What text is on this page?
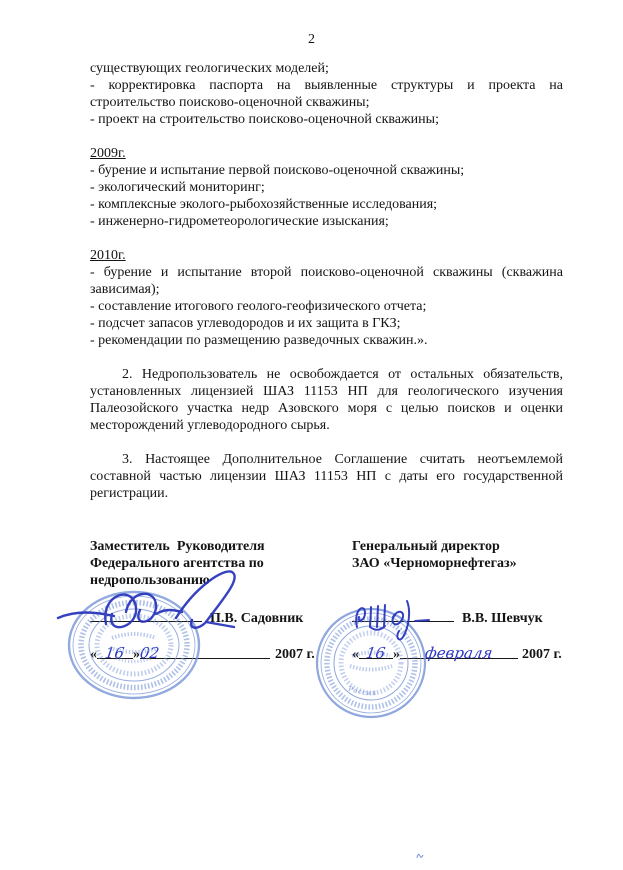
2
существующих геологических моделей;
- корректировка паспорта на выявленные структуры и проекта на
строительство поисково-оценочной скважины;
- проект на строительство поисково-оценочной скважины;
2009г.
- бурение и испытание первой поисково-оценочной скважины;
- экологический мониторинг;
- комплексные эколого-рыбохозяйственные исследования;
- инженерно-гидрометеорологические изыскания;
2010г.
- бурение и испытание второй поисково-оценочной скважины (скважина
зависимая);
- составление итогового геолого-геофизического отчета;
- подсчет запасов углеводородов и их защита в ГКЗ;
- рекомендации по размещению разведочных скважин.».
2. Недропользователь не освобождается от остальных обязательств,
установленных лицензией ШАЗ 11153 НП для геологического изучения
Палеозойского участка недр Азовского моря с целью поисков и оценки
месторождений углеводородного сырья.
3. Настоящее Дополнительное Соглашение считать неотъемлемой
составной частью лицензии ШАЗ 11153 НП с даты его государственной
регистрации.
Заместитель  Руководителя
Федерального агентства по
недропользованию
Генеральный директор
ЗАО «Черноморнефтегаз»
П.В. Садовник	В.В. Шевчук
« 16 »02	2007 г.	« 16 » февраля 2007 г.
Россия
